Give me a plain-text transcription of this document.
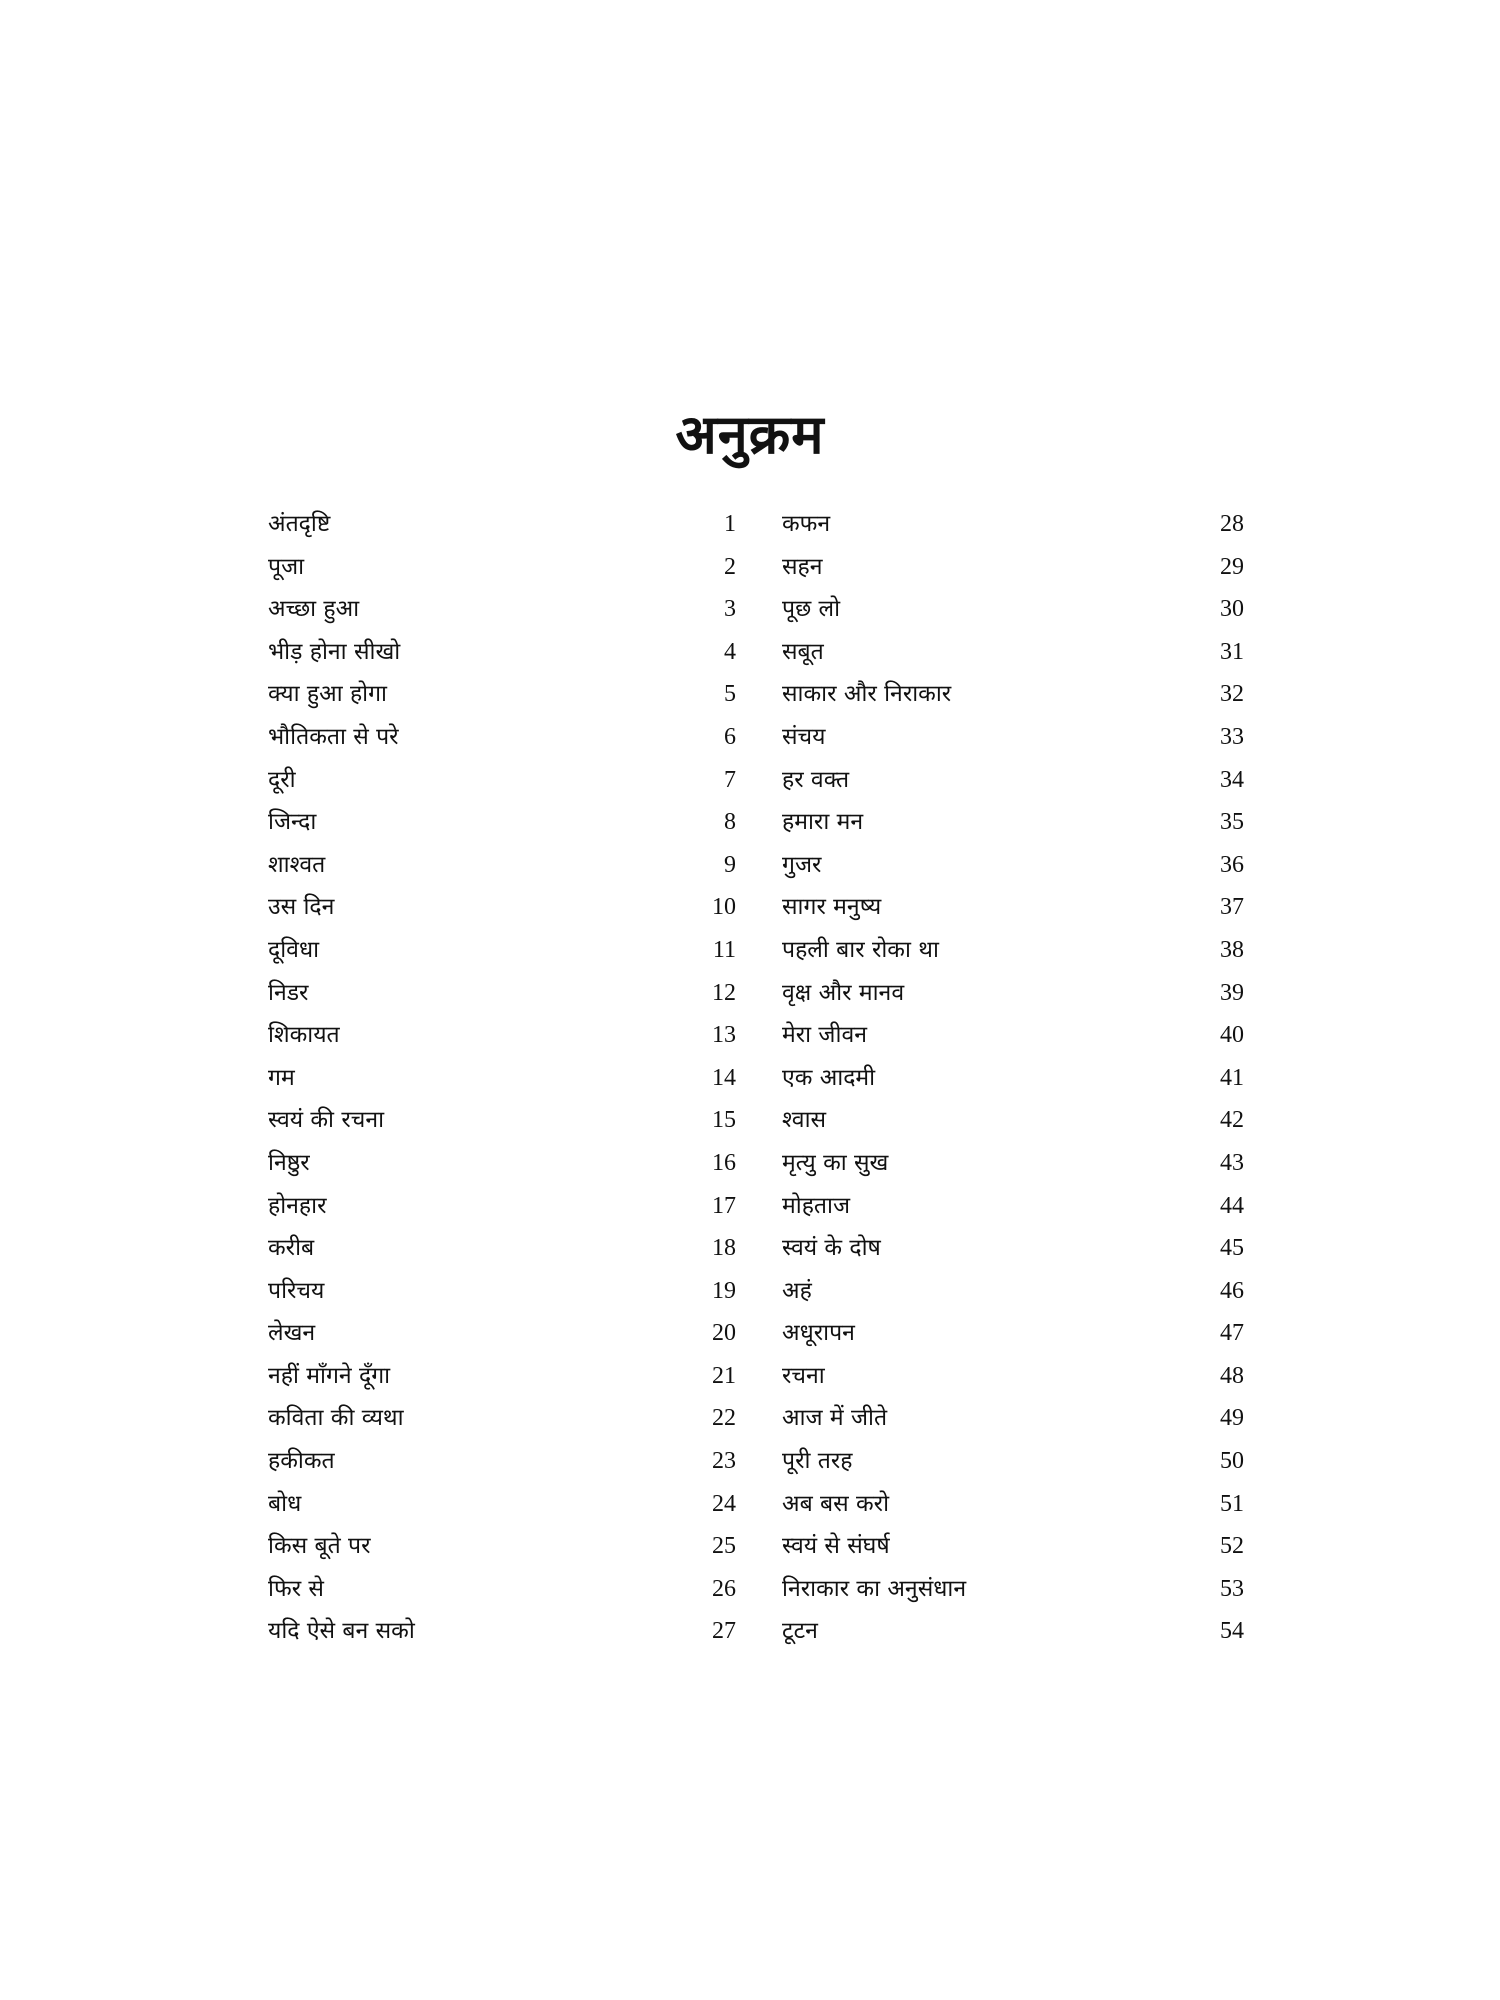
अनुक्रम
अंतदृष्टि	1
पूजा	2
अच्छा हुआ	3
भीड़ होना सीखो	4
क्या हुआ होगा	5
भौतिकता से परे	6
दूरी	7
जिन्दा	8
शाश्वत	9
उस दिन	10
दूविधा	11
निडर	12
शिकायत	13
गम	14
स्वयं की रचना	15
निष्ठुर	16
होनहार	17
करीब	18
परिचय	19
लेखन	20
नहीं माँगने दूँगा	21
कविता की व्यथा	22
हकीकत	23
बोध	24
किस बूते पर	25
फिर से	26
यदि ऐसे बन सको	27
कफन	28
सहन	29
पूछ लो	30
सबूत	31
साकार और निराकार	32
संचय	33
हर वक्त	34
हमारा मन	35
गुजर	36
सागर मनुष्य	37
पहली बार रोका था	38
वृक्ष और मानव	39
मेरा जीवन	40
एक आदमी	41
श्वास	42
मृत्यु का सुख	43
मोहताज	44
स्वयं के दोष	45
अहं	46
अधूरापन	47
रचना	48
आज में जीते	49
पूरी तरह	50
अब बस करो	51
स्वयं से संघर्ष	52
निराकार का अनुसंधान	53
टूटन	54
